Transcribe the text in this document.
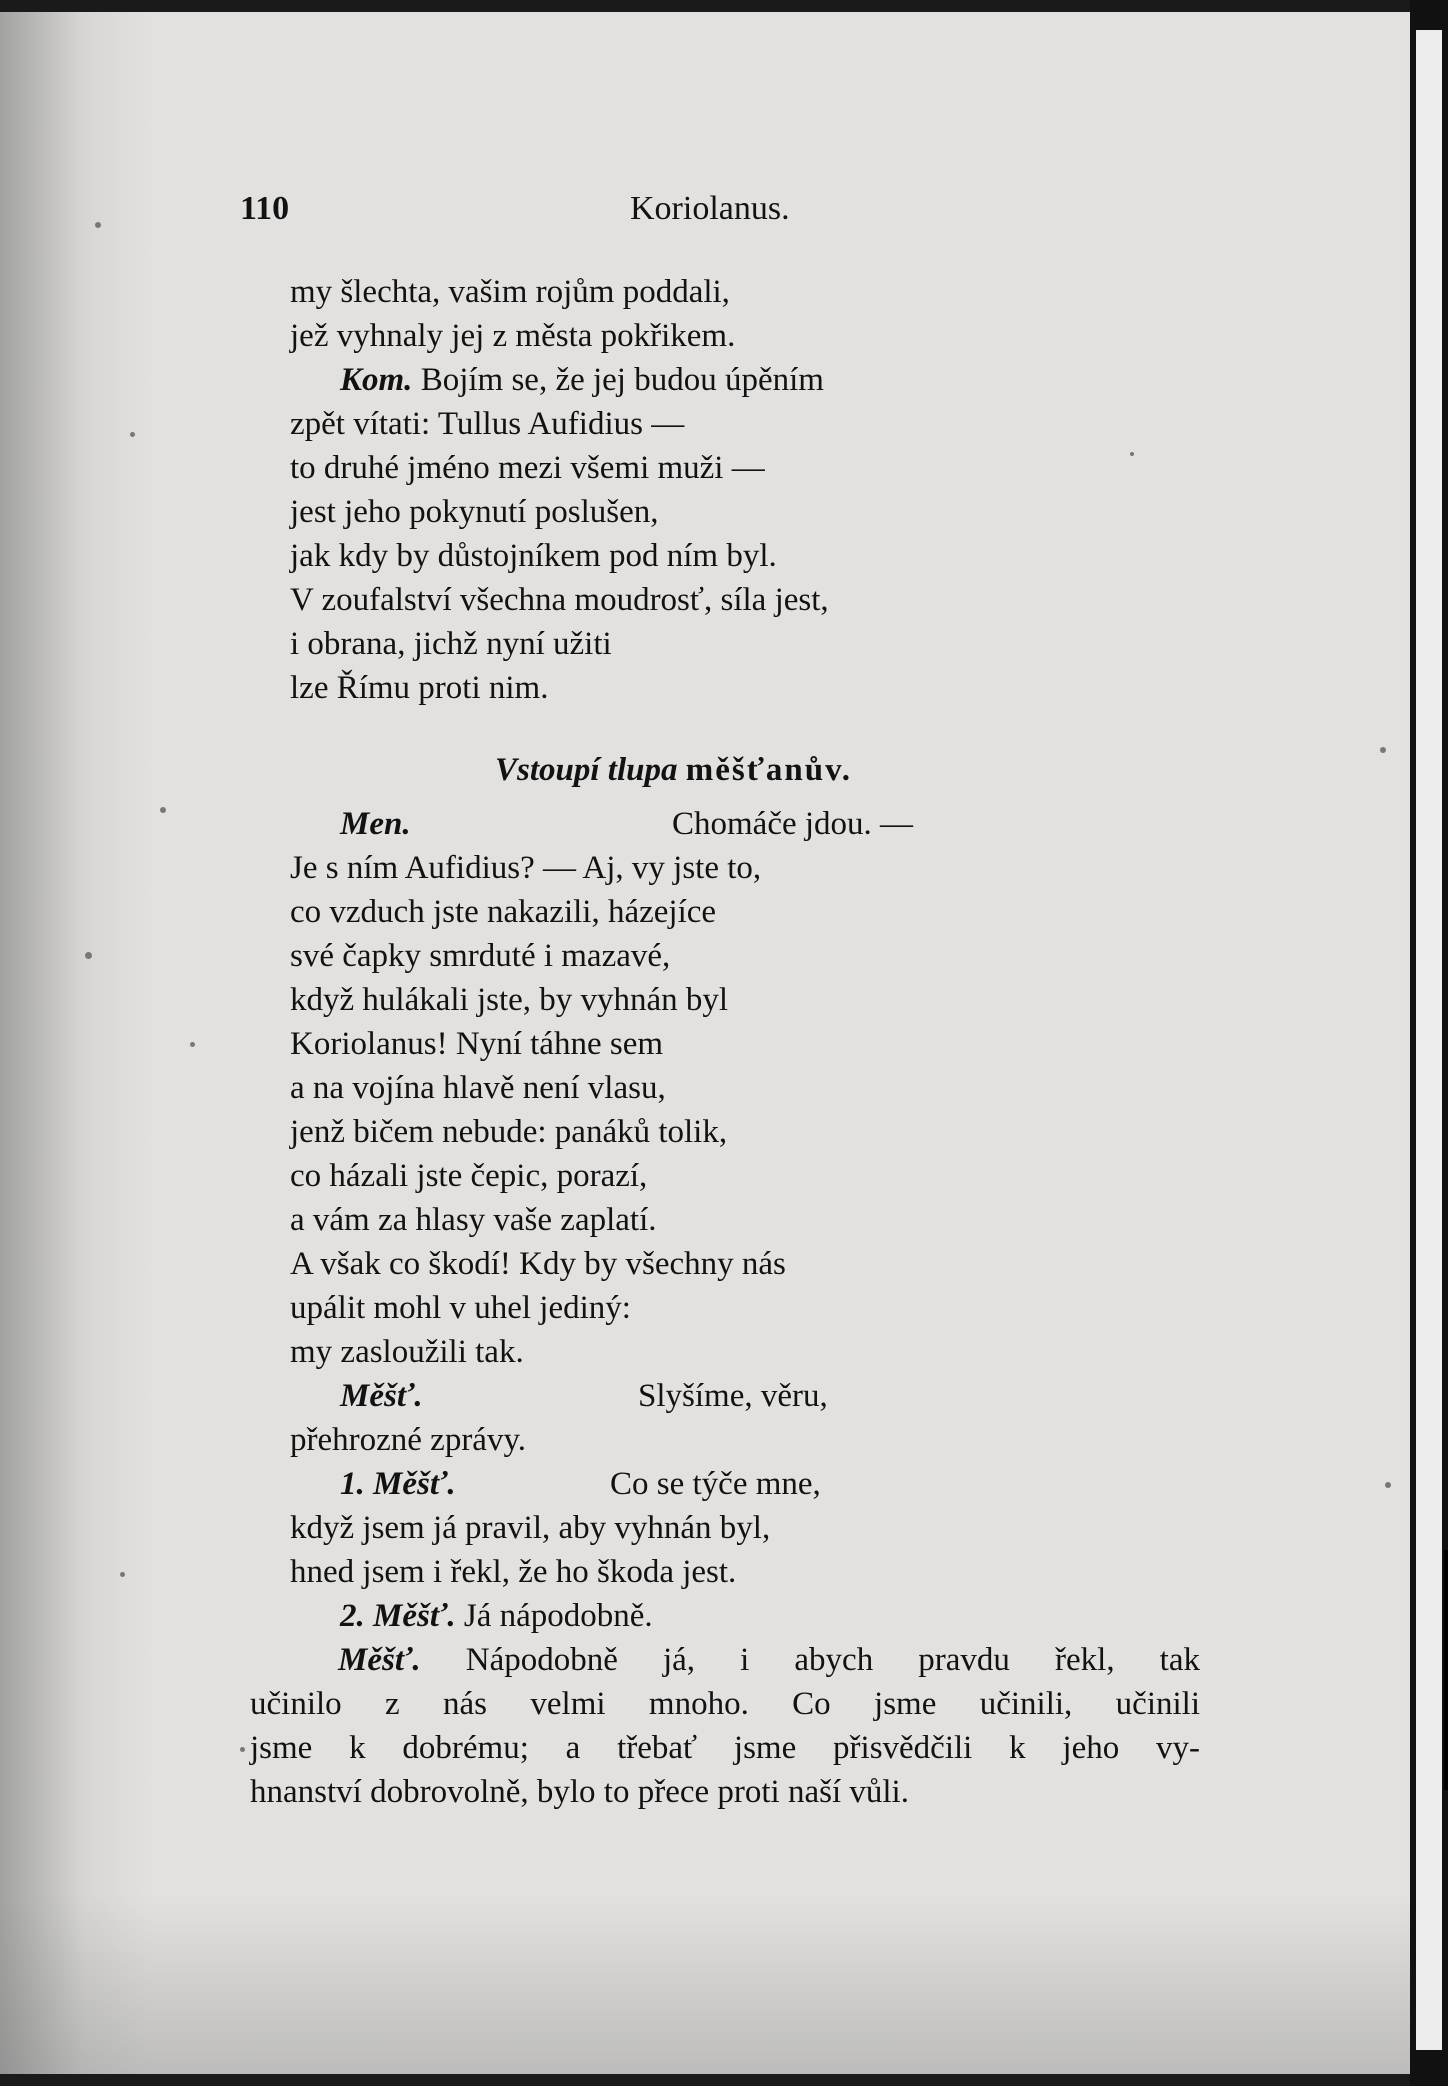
110	Koriolanus.
my šlechta, vašim rojům poddali,
jež vyhnaly jej z města pokřikem.
Kom. Bojím se, že jej budou úpěním
zpět vítati: Tullus Aufidius —
to druhé jméno mezi všemi muži —
jest jeho pokynutí poslušen,
jak kdy by důstojníkem pod ním byl.
V zoufalství všechna moudrosť, síla jest,
i obrana, jichž nyní užiti
lze Římu proti nim.
Vstoupí tlupa měšťanův.
Men.	Chomáče jdou. —
Je s ním Aufidius? — Aj, vy jste to,
co vzduch jste nakazili, házejíce
své čapky smrduté i mazavé,
když hulákali jste, by vyhnán byl
Koriolanus! Nyní táhne sem
a na vojína hlavě není vlasu,
jenž bičem nebude: panáků tolik,
co házali jste čepic, porazí,
a vám za hlasy vaše zaplatí.
A však co škodí! Kdy by všechny nás
upálit mohl v uhel jediný:
my zasloužili tak.
Měšť.	Slyšíme, věru,
přehrozné zprávy.
1. Měšť.	Co se týče mne,
když jsem já pravil, aby vyhnán byl,
hned jsem i řekl, že ho škoda jest.
2. Měšť. Já nápodobně.
Měšť. Nápodobně já, i abych pravdu řekl, tak
učinilo z nás velmi mnoho. Co jsme učinili, učinili
jsme k dobrému; a třebať jsme přisvědčili k jeho vy-
hnanství dobrovolně, bylo to přece proti naší vůli.
